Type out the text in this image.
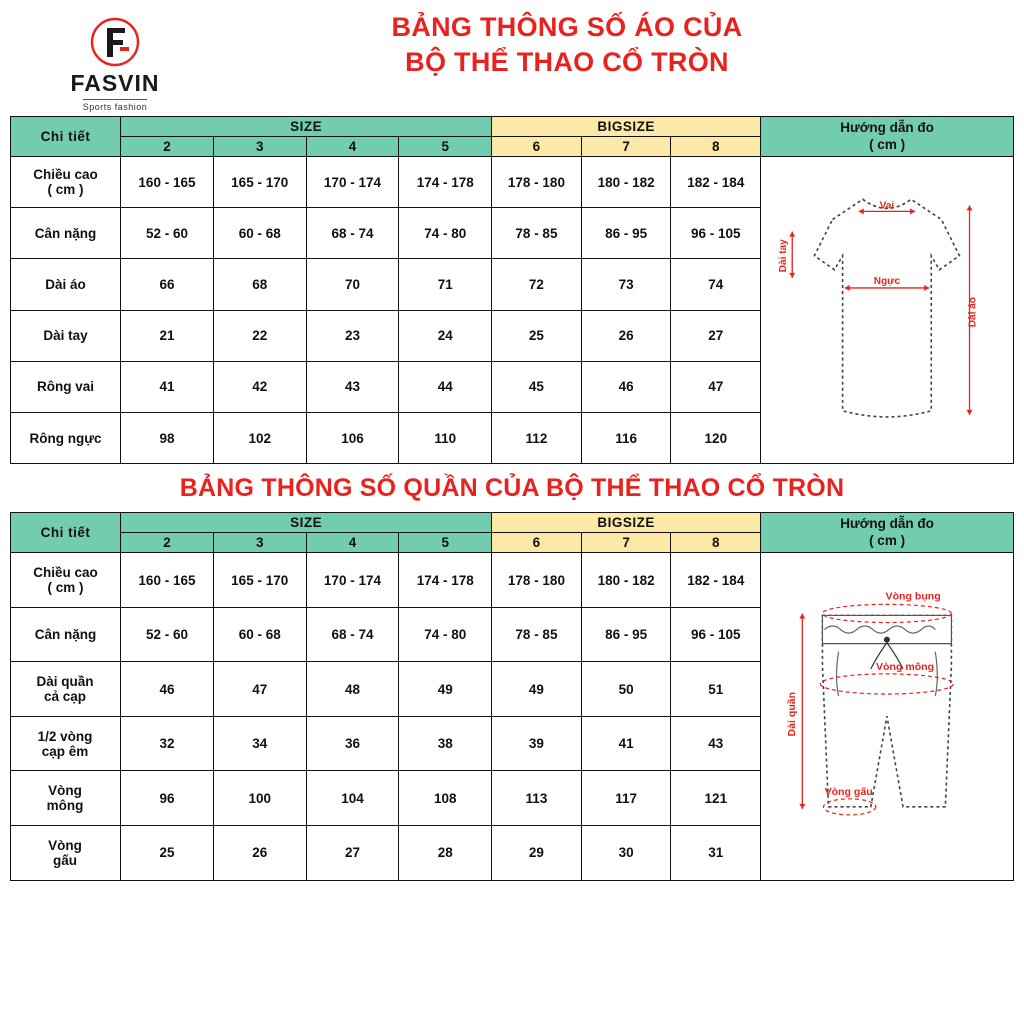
FASVIN
Sports fashion
BẢNG THÔNG SỐ ÁO CỦA
BỘ THỂ THAO CỔ TRÒN
Chi tiết	SIZE				BIGSIZE			Hướng dẫn đo
( cm )

	2	3	4	5	6	7	8	

Chiều cao
( cm )	160 - 165	165 - 170	170 - 174	174 - 178	178 - 180	180 - 182	182 - 184	
Vai
Dài tay
Ngực
Dài áo

Cân nặng	52 - 60	60 - 68	68 - 74	74 - 80	78 - 85	86 - 95	96 - 105	
Dài áo	66	68	70	71	72	73	74	
Dài tay	21	22	23	24	25	26	27	
Rông vai	41	42	43	44	45	46	47	
Rông ngực	98	102	106	110	112	116	120	
BẢNG THÔNG SỐ QUẦN CỦA BỘ THỂ THAO CỔ TRÒN
Chi tiết	SIZE				BIGSIZE			Hướng dẫn đo
( cm )

	2	3	4	5	6	7	8	

Chiều cao
( cm )	160 - 165	165 - 170	170 - 174	174 - 178	178 - 180	180 - 182	182 - 184	
Vòng bụng
Vòng mông
Dài quần
Vòng gấu

Cân nặng	52 - 60	60 - 68	68 - 74	74 - 80	78 - 85	86 - 95	96 - 105	

Dài quần
cả cạp	46	47	48	49	49	50	51	

1/2 vòng
cạp êm	32	34	36	38	39	41	43	

Vòng
mông	96	100	104	108	113	117	121	

Vòng
gấu	25	26	27	28	29	30	31	
